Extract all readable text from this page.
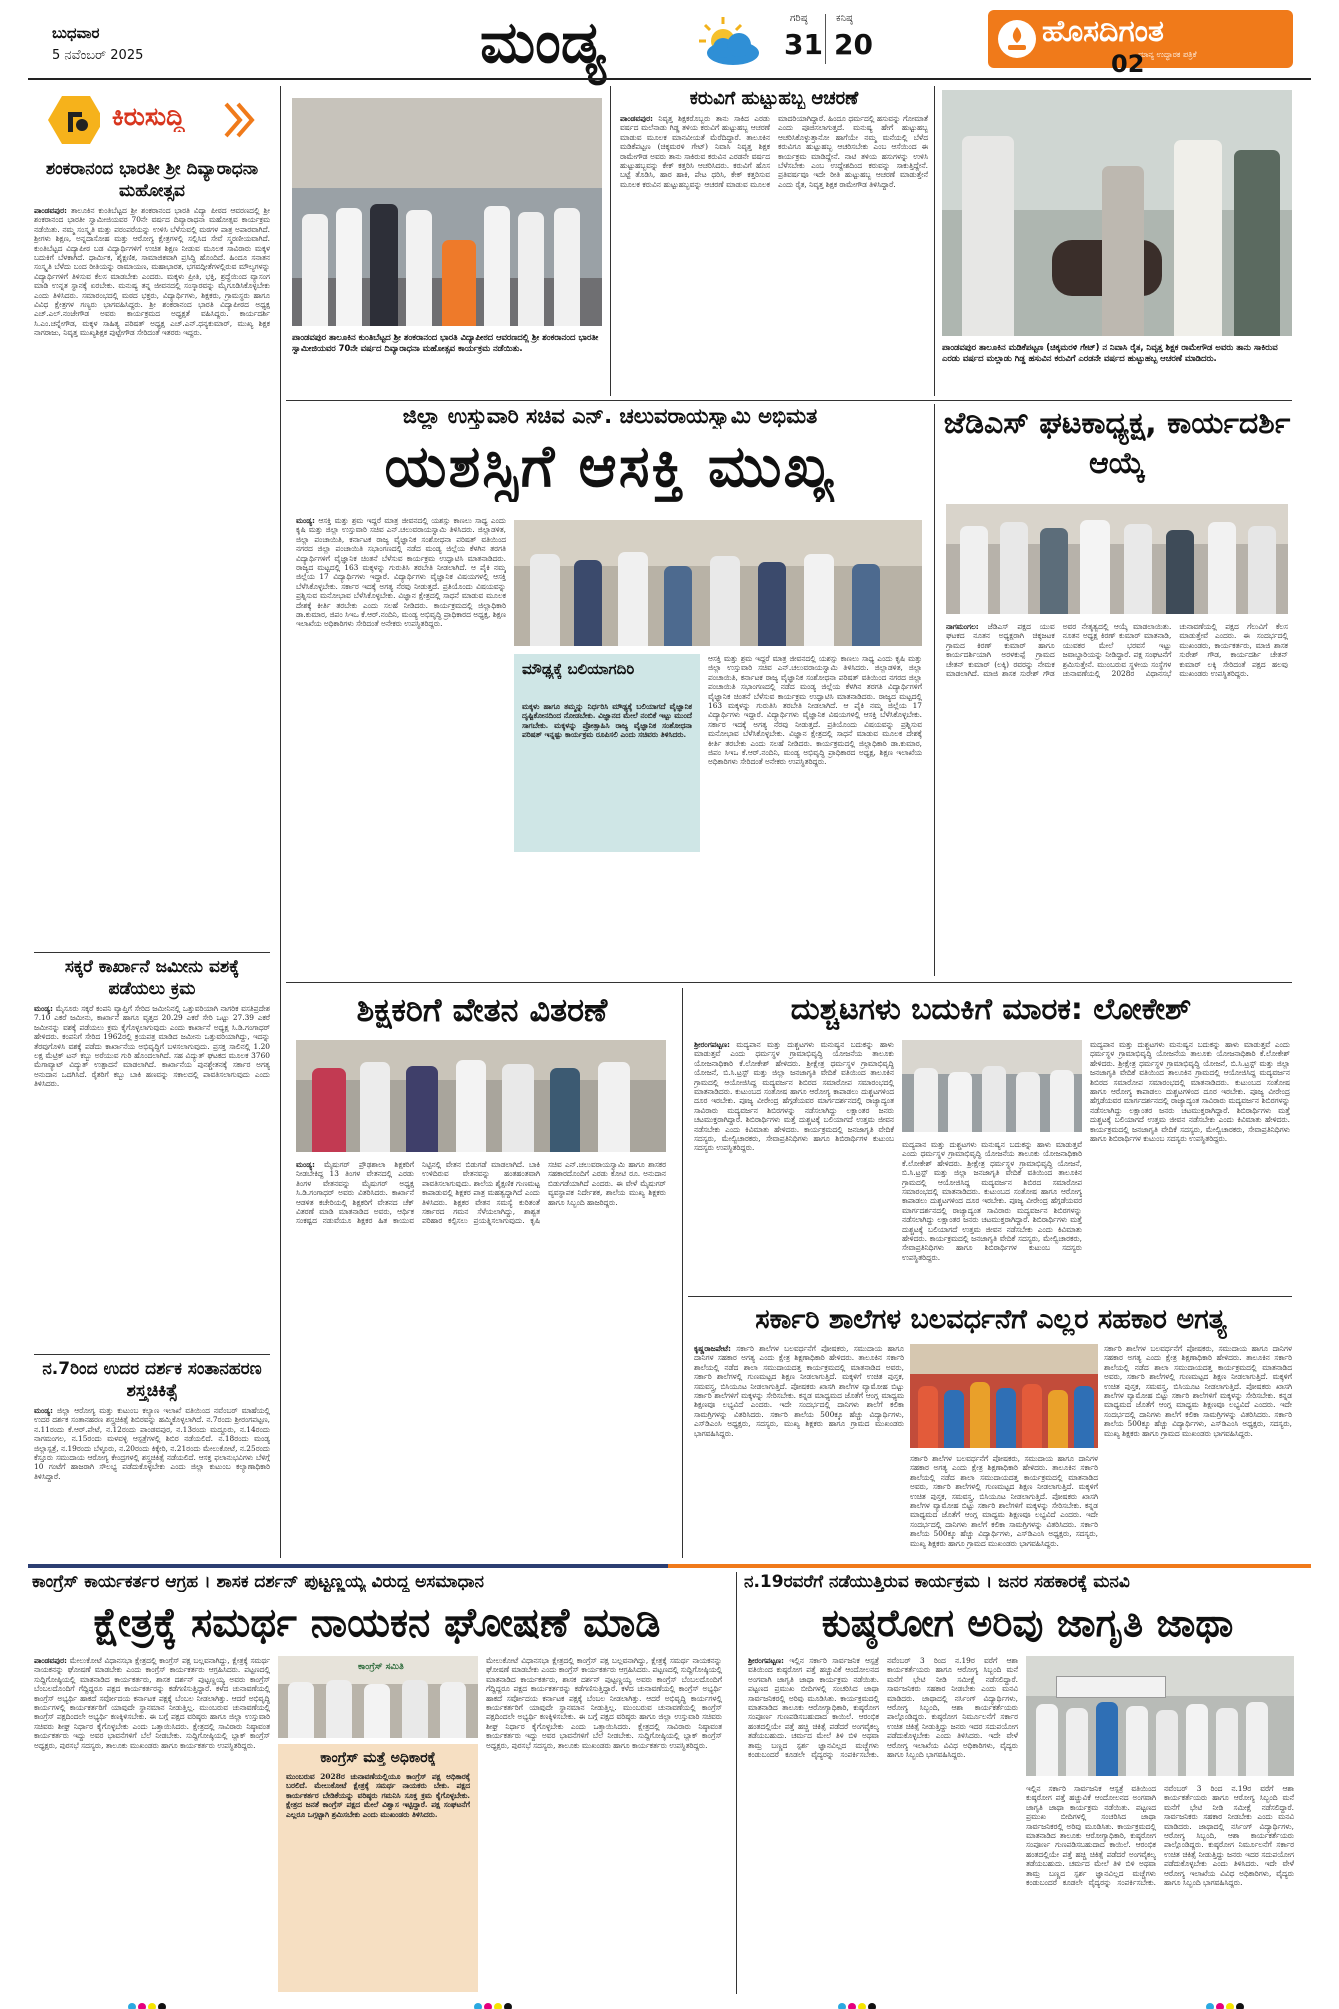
ಬುಧವಾರ
5 ನವೆಂಬರ್ 2025	ಮಂಡ್ಯ	ಗರಿಷ್ಠ
31
ಕನಿಷ್ಠ
20	ಹೊಸದಿಗಂತ
ಮಾನ್ಯ ಉದ್ಧಾರಕ ಪತ್ರಿಕೆ
02
ಕಿರುಸುದ್ದಿ
ಶಂಕರಾನಂದ ಭಾರತೀ ಶ್ರೀ ದಿವ್ಯಾರಾಧನಾ ಮಹೋತ್ಸವ
ಪಾಂಡವಪುರ: ತಾಲೂಕಿನ ಕುಂತಿಬೆಟ್ಟದ ಶ್ರೀ ಶಂಕರಾನಂದ ಭಾರತಿ ವಿದ್ಯಾ ಪೀಠದ ಆವರಣದಲ್ಲಿ ಶ್ರೀ ಶಂಕರಾನಂದ ಭಾರತೀ ಸ್ವಾಮೀಜಿಯವರ 70ನೇ ವರ್ಷದ ದಿವ್ಯಾರಾಧನಾ ಮಹೋತ್ಸವ ಕಾರ್ಯಕ್ರಮ ನಡೆಯಿತು. ನಮ್ಮ ಸಂಸ್ಕೃತಿ ಮತ್ತು ಪರಂಪರೆಯನ್ನು ಉಳಿಸಿ ಬೆಳೆಸುವಲ್ಲಿ ಮಠಗಳ ಪಾತ್ರ ಅಪಾರವಾಗಿದೆ. ಶ್ರೀಗಳು ಶಿಕ್ಷಣ, ಅನ್ನದಾಸೋಹ ಮತ್ತು ಆರೋಗ್ಯ ಕ್ಷೇತ್ರಗಳಲ್ಲಿ ಸಲ್ಲಿಸಿದ ಸೇವೆ ಸ್ಮರಣೀಯವಾಗಿದೆ. ಕುಂತಿಬೆಟ್ಟದ ವಿದ್ಯಾಪೀಠ ಬಡ ವಿದ್ಯಾರ್ಥಿಗಳಿಗೆ ಉಚಿತ ಶಿಕ್ಷಣ ನೀಡುವ ಮೂಲಕ ಸಾವಿರಾರು ಮಕ್ಕಳ ಬದುಕಿಗೆ ಬೆಳಕಾಗಿದೆ. ಧಾರ್ಮಿಕ, ಶೈಕ್ಷಣಿಕ, ಸಾಮಾಜಿಕವಾಗಿ ಪ್ರಸಿದ್ಧಿ ಹೊಂದಿದೆ. ಹಿಂದೂ ಸನಾತನ ಸಂಸ್ಕೃತಿ ಬೆಳೆದು ಬಂದ ರೀತಿಯನ್ನು ರಾಮಾಯಣ, ಮಹಾಭಾರತ, ಭಗವದ್ಗೀತೆಗಳಲ್ಲಿರುವ ಮೌಲ್ಯಗಳನ್ನು ವಿದ್ಯಾರ್ಥಿಗಳಿಗೆ ತಿಳಿಸುವ ಕೆಲಸ ಮಾಡಬೇಕು ಎಂದರು. ಮಕ್ಕಳು ಪ್ರೀತಿ, ಭಕ್ತಿ, ಶ್ರದ್ಧೆಯಿಂದ ವ್ಯಾಸಂಗ ಮಾಡಿ ಉನ್ನತ ಸ್ಥಾನಕ್ಕೆ ಏರಬೇಕು. ಮನುಷ್ಯ ತನ್ನ ಜೀವನದಲ್ಲಿ ಸಂಸ್ಕಾರವನ್ನು ಮೈಗೂಡಿಸಿಕೊಳ್ಳಬೇಕು ಎಂದು ತಿಳಿಸಿದರು. ಸಮಾರಂಭದಲ್ಲಿ ಮಠದ ಭಕ್ತರು, ವಿದ್ಯಾರ್ಥಿಗಳು, ಶಿಕ್ಷಕರು, ಗ್ರಾಮಸ್ಥರು ಹಾಗೂ ವಿವಿಧ ಕ್ಷೇತ್ರಗಳ ಗಣ್ಯರು ಭಾಗವಹಿಸಿದ್ದರು. ಶ್ರೀ ಶಂಕರಾನಂದ ಭಾರತಿ ವಿದ್ಯಾಪೀಠದ ಅಧ್ಯಕ್ಷ ಎಚ್.ಎಲ್.ನಂಜೇಗೌಡ ಅವರು ಕಾರ್ಯಕ್ರಮದ ಅಧ್ಯಕ್ಷತೆ ವಹಿಸಿದ್ದರು. ಕಾರ್ಯದರ್ಶಿ ಸಿ.ಎಂ.ಚನ್ನೇಗೌಡ, ಮಕ್ಕಳ ಸಾಹಿತ್ಯ ಪರಿಷತ್ ಅಧ್ಯಕ್ಷ ಎಚ್.ಎನ್.ಧನ್ಯಕುಮಾರ್, ಮುಖ್ಯ ಶಿಕ್ಷಕ ನಾಗರಾಜು, ನಿವೃತ್ತ ಮುಖ್ಯಶಿಕ್ಷಕ ಪುಟ್ಟೇಗೌಡ ಸೇರಿದಂತೆ ಇತರರು ಇದ್ದರು.
ಸಕ್ಕರೆ ಕಾರ್ಖಾನೆ ಜಮೀನು ವಶಕ್ಕೆ ಪಡೆಯಲು ಕ್ರಮ
ಮಂಡ್ಯ: ಮೈಸೂರು ಸಕ್ಕರೆ ಕಂಪನಿ ವ್ಯಾಪ್ತಿಗೆ ಸೇರಿದ ಜಮೀನಿನಲ್ಲಿ ಒತ್ತುವರಿಯಾಗಿ ನಾಗರಿಕ ವಸತಿಪ್ರದೇಶ 7.10 ಎಕರೆ ಜಮೀನು, ಕಾರ್ಖಾನೆ ಹಾಗೂ ವೃತ್ತದ 20.29 ಎಕರೆ ಸೇರಿ ಒಟ್ಟು 27.39 ಎಕರೆ ಜಮೀನನ್ನು ವಶಕ್ಕೆ ಪಡೆಯಲು ಕ್ರಮ ಕೈಗೊಳ್ಳಲಾಗುವುದು ಎಂದು ಕಾರ್ಖಾನೆ ಅಧ್ಯಕ್ಷ ಸಿ.ಡಿ.ಗಂಗಾಧರ್ ಹೇಳಿದರು. ಕಂಪನಿಗೆ ಸೇರಿದ 1962ರಲ್ಲಿ ಕ್ರಯಪತ್ರ ಮಾಡಿದ ಜಮೀನು ಒತ್ತುವರಿಯಾಗಿದ್ದು, ಇದನ್ನು ತೆರವುಗೊಳಿಸಿ ವಶಕ್ಕೆ ಪಡೆದು ಕಾರ್ಖಾನೆಯ ಅಭಿವೃದ್ಧಿಗೆ ಬಳಸಲಾಗುವುದು. ಪ್ರಸಕ್ತ ಸಾಲಿನಲ್ಲಿ 1.20 ಲಕ್ಷ ಮೆಟ್ರಿಕ್ ಟನ್ ಕಬ್ಬು ಅರೆಯುವ ಗುರಿ ಹೊಂದಲಾಗಿದೆ. ಸಹ ವಿದ್ಯುತ್ ಘಟಕದ ಮೂಲಕ 3760 ಮೆಗಾವ್ಯಾಟ್ ವಿದ್ಯುತ್ ಉತ್ಪಾದನೆ ಮಾಡಲಾಗಿದೆ. ಕಾರ್ಖಾನೆಯ ಪುನಶ್ಚೇತನಕ್ಕೆ ಸರ್ಕಾರ ಅಗತ್ಯ ಅನುದಾನ ಒದಗಿಸಿದೆ. ರೈತರಿಗೆ ಕಬ್ಬು ಬಾಕಿ ಹಣವನ್ನು ಸಕಾಲದಲ್ಲಿ ಪಾವತಿಸಲಾಗುವುದು ಎಂದು ತಿಳಿಸಿದರು.
ನ.7ರಿಂದ ಉದರ ದರ್ಶಕ ಸಂತಾನಹರಣ ಶಸ್ತ್ರಚಿಕಿತ್ಸೆ
ಮಂಡ್ಯ: ಜಿಲ್ಲಾ ಆರೋಗ್ಯ ಮತ್ತು ಕುಟುಂಬ ಕಲ್ಯಾಣ ಇಲಾಖೆ ವತಿಯಿಂದ ನವೆಂಬರ್ ಮಾಹೆಯಲ್ಲಿ ಉದರ ದರ್ಶಕ ಸಂತಾನಹರಣ ಶಸ್ತ್ರಚಿಕಿತ್ಸೆ ಶಿಬಿರವನ್ನು ಹಮ್ಮಿಕೊಳ್ಳಲಾಗಿದೆ. ನ.7ರಂದು ಶ್ರೀರಂಗಪಟ್ಟಣ, ನ.11ರಂದು ಕೆ.ಆರ್.ಪೇಟೆ, ನ.12ರಂದು ಪಾಂಡವಪುರ, ನ.13ರಂದು ಮದ್ದೂರು, ನ.14ರಂದು ನಾಗಮಂಗಲ, ನ.15ರಂದು ಮಳವಳ್ಳಿ ಆಸ್ಪತ್ರೆಗಳಲ್ಲಿ ಶಿಬಿರ ನಡೆಯಲಿದೆ. ನ.18ರಂದು ಮಂಡ್ಯ ಜಿಲ್ಲಾಸ್ಪತ್ರೆ, ನ.19ರಂದು ಬೆಳ್ಳೂರು, ನ.20ರಂದು ಕಿಕ್ಕೇರಿ, ನ.21ರಂದು ಮೇಲುಕೋಟೆ, ನ.25ರಂದು ಕೆಸ್ತೂರು ಸಮುದಾಯ ಆರೋಗ್ಯ ಕೇಂದ್ರಗಳಲ್ಲಿ ಶಸ್ತ್ರಚಿಕಿತ್ಸೆ ನಡೆಯಲಿದೆ. ಆಸಕ್ತ ಫಲಾನುಭವಿಗಳು ಬೆಳಿಗ್ಗೆ 10 ಗಂಟೆಗೆ ಹಾಜರಾಗಿ ಸೌಲಭ್ಯ ಪಡೆದುಕೊಳ್ಳಬೇಕು ಎಂದು ಜಿಲ್ಲಾ ಕುಟುಂಬ ಕಲ್ಯಾಣಾಧಿಕಾರಿ ತಿಳಿಸಿದ್ದಾರೆ.
ಪಾಂಡವಪುರ ತಾಲೂಕಿನ ಕುಂತಿಬೆಟ್ಟದ ಶ್ರೀ ಶಂಕರಾನಂದ ಭಾರತಿ ವಿದ್ಯಾಪೀಠದ ಆವರಣದಲ್ಲಿ ಶ್ರೀ ಶಂಕರಾನಂದ ಭಾರತೀ ಸ್ವಾಮೀಜಿಯವರ 70ನೇ ವರ್ಷದ ದಿವ್ಯಾರಾಧನಾ ಮಹೋತ್ಸವ ಕಾರ್ಯಕ್ರಮ ನಡೆಯಿತು.
ಕರುವಿಗೆ ಹುಟ್ಟುಹಬ್ಬ ಆಚರಣೆ
ಪಾಂಡವಪುರ: ನಿವೃತ್ತ ಶಿಕ್ಷಕರೊಬ್ಬರು ತಾನು ಸಾಕಿದ ಎರಡು ವರ್ಷದ ಮಲೆನಾಡು ಗಿಡ್ಡ ತಳಿಯ ಕರುವಿಗೆ ಹುಟ್ಟುಹಬ್ಬ ಆಚರಣೆ ಮಾಡುವ ಮೂಲಕ ಮಾನವೀಯತೆ ಮೆರೆದಿದ್ದಾರೆ. ತಾಲೂಕಿನ ಮಡಿಕೆಪಟ್ಟಣ (ಚಿಕ್ಕಮರಳಿ ಗೇಟ್) ನಿವಾಸಿ ನಿವೃತ್ತ ಶಿಕ್ಷಕ ರಾಮೇಗೌಡ ಅವರು ತಾನು ಸಾಕಿರುವ ಕರುವಿನ ಎರಡನೇ ವರ್ಷದ ಹುಟ್ಟುಹಬ್ಬವನ್ನು ಕೇಕ್ ಕತ್ತರಿಸಿ ಆಚರಿಸಿದರು. ಕರುವಿಗೆ ಹೊಸ ಬಟ್ಟೆ ತೊಡಿಸಿ, ಹಾರ ಹಾಕಿ, ಪೇಟ ಧರಿಸಿ, ಕೇಕ್ ಕತ್ತರಿಸುವ ಮೂಲಕ ಕರುವಿನ ಹುಟ್ಟುಹಬ್ಬವನ್ನು ಆಚರಣೆ ಮಾಡುವ ಮೂಲಕ ಮಾದರಿಯಾಗಿದ್ದಾರೆ. ಹಿಂದೂ ಧರ್ಮದಲ್ಲಿ ಹಸುವನ್ನು ಗೋಮಾತೆ ಎಂದು ಪೂಜಿಸಲಾಗುತ್ತದೆ. ಮನುಷ್ಯ ಹೇಗೆ ಹುಟ್ಟುಹಬ್ಬ ಆಚರಿಸಿಕೊಳ್ಳುತ್ತಾನೋ ಹಾಗೆಯೇ ನಮ್ಮ ಮನೆಯಲ್ಲಿ ಬೆಳೆದ ಕರುವಿಗೂ ಹುಟ್ಟುಹಬ್ಬ ಆಚರಿಸಬೇಕು ಎಂಬ ಆಸೆಯಿಂದ ಈ ಕಾರ್ಯಕ್ರಮ ಮಾಡಿದ್ದೇನೆ. ನಾಟಿ ತಳಿಯ ಹಸುಗಳನ್ನು ಉಳಿಸಿ ಬೆಳೆಸಬೇಕು ಎಂಬ ಉದ್ದೇಶದಿಂದ ಕರುವನ್ನು ಸಾಕುತ್ತಿದ್ದೇನೆ. ಪ್ರತಿವರ್ಷವೂ ಇದೇ ರೀತಿ ಹುಟ್ಟುಹಬ್ಬ ಆಚರಣೆ ಮಾಡುತ್ತೇನೆ ಎಂದು ರೈತ, ನಿವೃತ್ತ ಶಿಕ್ಷಕ ರಾಮೇಗೌಡ ತಿಳಿಸಿದ್ದಾರೆ.
ಪಾಂಡವಪುರ ತಾಲೂಕಿನ ಮಡಿಕೆಪಟ್ಟಣ (ಚಿಕ್ಕಮರಳಿ ಗೇಟ್) ನ ನಿವಾಸಿ ರೈತ, ನಿವೃತ್ತ ಶಿಕ್ಷಕ ರಾಮೇಗೌಡ ಅವರು ತಾನು ಸಾಕಿರುವ ಎರಡು ವರ್ಷದ ಮಲ್ಲಾಡು ಗಿಡ್ಡ ಹಸುವಿನ ಕರುವಿಗೆ ಎರಡನೇ ವರ್ಷದ ಹುಟ್ಟುಹಬ್ಬ ಆಚರಣೆ ಮಾಡಿದರು.
ಜಿಲ್ಲಾ ಉಸ್ತುವಾರಿ ಸಚಿವ ಎನ್. ಚಲುವರಾಯಸ್ವಾಮಿ ಅಭಿಮತ
ಯಶಸ್ಸಿಗೆ ಆಸಕ್ತಿ ಮುಖ್ಯ
ಮಂಡ್ಯ: ಆಸಕ್ತಿ ಮತ್ತು ಶ್ರಮ ಇದ್ದರೆ ಮಾತ್ರ ಜೀವನದಲ್ಲಿ ಯಶಸ್ಸು ಕಾಣಲು ಸಾಧ್ಯ ಎಂದು ಕೃಷಿ ಮತ್ತು ಜಿಲ್ಲಾ ಉಸ್ತುವಾರಿ ಸಚಿವ ಎನ್.ಚಲುವರಾಯಸ್ವಾಮಿ ತಿಳಿಸಿದರು. ಜಿಲ್ಲಾಡಳಿತ, ಜಿಲ್ಲಾ ಪಂಚಾಯಿತಿ, ಕರ್ನಾಟಕ ರಾಜ್ಯ ವೈಜ್ಞಾನಿಕ ಸಂಶೋಧನಾ ಪರಿಷತ್ ವತಿಯಿಂದ ನಗರದ ಜಿಲ್ಲಾ ಪಂಚಾಯಿತಿ ಸಭಾಂಗಣದಲ್ಲಿ ನಡೆದ ಮಂಡ್ಯ ಜಿಲ್ಲೆಯ ಕೆಳಗಿನ ತರಗತಿ ವಿದ್ಯಾರ್ಥಿಗಳಿಗೆ ವೈಜ್ಞಾನಿಕ ಚಿಂತನೆ ಬೆಳೆಸುವ ಕಾರ್ಯಕ್ರಮ ಉದ್ಘಾಟಿಸಿ ಮಾತನಾಡಿದರು. ರಾಜ್ಯದ ಮಟ್ಟದಲ್ಲಿ 163 ಮಕ್ಕಳನ್ನು ಗುರುತಿಸಿ ತರಬೇತಿ ನೀಡಲಾಗಿದೆ. ಆ ಪೈಕಿ ನಮ್ಮ ಜಿಲ್ಲೆಯ 17 ವಿದ್ಯಾರ್ಥಿಗಳು ಇದ್ದಾರೆ. ವಿದ್ಯಾರ್ಥಿಗಳು ವೈಜ್ಞಾನಿಕ ವಿಷಯಗಳಲ್ಲಿ ಆಸಕ್ತಿ ಬೆಳೆಸಿಕೊಳ್ಳಬೇಕು. ಸರ್ಕಾರ ಇದಕ್ಕೆ ಅಗತ್ಯ ನೆರವು ನೀಡುತ್ತದೆ. ಪ್ರತಿಯೊಂದು ವಿಷಯವನ್ನು ಪ್ರಶ್ನಿಸುವ ಮನೋಭಾವ ಬೆಳೆಸಿಕೊಳ್ಳಬೇಕು. ವಿಜ್ಞಾನ ಕ್ಷೇತ್ರದಲ್ಲಿ ಸಾಧನೆ ಮಾಡುವ ಮೂಲಕ ದೇಶಕ್ಕೆ ಕೀರ್ತಿ ತರಬೇಕು ಎಂದು ಸಲಹೆ ನೀಡಿದರು. ಕಾರ್ಯಕ್ರಮದಲ್ಲಿ ಜಿಲ್ಲಾಧಿಕಾರಿ ಡಾ.ಕುಮಾರ, ಜಿಪಂ ಸಿಇಒ ಕೆ.ಆರ್.ನಂದಿನಿ, ಮಂಡ್ಯ ಅಭಿವೃದ್ಧಿ ಪ್ರಾಧಿಕಾರದ ಅಧ್ಯಕ್ಷ, ಶಿಕ್ಷಣ ಇಲಾಖೆಯ ಅಧಿಕಾರಿಗಳು ಸೇರಿದಂತೆ ಅನೇಕರು ಉಪಸ್ಥಿತರಿದ್ದರು.
ಮೌಢ್ಯಕ್ಕೆ ಬಲಿಯಾಗದಿರಿ
ಮಕ್ಕಳು ಹಾಗೂ ತಮ್ಮನ್ನು ನಿರ್ಧರಿಸಿ ಮೌಢ್ಯಕ್ಕೆ ಬಲಿಯಾಗದೆ ವೈಜ್ಞಾನಿಕ ದೃಷ್ಟಿಕೋನದಿಂದ ನೋಡಬೇಕು. ವಿಜ್ಞಾನದ ಮೇಲೆ ನಂಬಿಕೆ ಇಟ್ಟು ಮುಂದೆ ಸಾಗಬೇಕು. ಮಕ್ಕಳನ್ನು ಪ್ರೋತ್ಸಾಹಿಸಿ ರಾಜ್ಯ ವೈಜ್ಞಾನಿಕ ಸಂಶೋಧನಾ ಪರಿಷತ್ ಇನ್ನಷ್ಟು ಕಾರ್ಯಕ್ರಮ ರೂಪಿಸಲಿ ಎಂದು ಸಚಿವರು ತಿಳಿಸಿದರು.
ಆಸಕ್ತಿ ಮತ್ತು ಶ್ರಮ ಇದ್ದರೆ ಮಾತ್ರ ಜೀವನದಲ್ಲಿ ಯಶಸ್ಸು ಕಾಣಲು ಸಾಧ್ಯ ಎಂದು ಕೃಷಿ ಮತ್ತು ಜಿಲ್ಲಾ ಉಸ್ತುವಾರಿ ಸಚಿವ ಎನ್.ಚಲುವರಾಯಸ್ವಾಮಿ ತಿಳಿಸಿದರು. ಜಿಲ್ಲಾಡಳಿತ, ಜಿಲ್ಲಾ ಪಂಚಾಯಿತಿ, ಕರ್ನಾಟಕ ರಾಜ್ಯ ವೈಜ್ಞಾನಿಕ ಸಂಶೋಧನಾ ಪರಿಷತ್ ವತಿಯಿಂದ ನಗರದ ಜಿಲ್ಲಾ ಪಂಚಾಯಿತಿ ಸಭಾಂಗಣದಲ್ಲಿ ನಡೆದ ಮಂಡ್ಯ ಜಿಲ್ಲೆಯ ಕೆಳಗಿನ ತರಗತಿ ವಿದ್ಯಾರ್ಥಿಗಳಿಗೆ ವೈಜ್ಞಾನಿಕ ಚಿಂತನೆ ಬೆಳೆಸುವ ಕಾರ್ಯಕ್ರಮ ಉದ್ಘಾಟಿಸಿ ಮಾತನಾಡಿದರು. ರಾಜ್ಯದ ಮಟ್ಟದಲ್ಲಿ 163 ಮಕ್ಕಳನ್ನು ಗುರುತಿಸಿ ತರಬೇತಿ ನೀಡಲಾಗಿದೆ. ಆ ಪೈಕಿ ನಮ್ಮ ಜಿಲ್ಲೆಯ 17 ವಿದ್ಯಾರ್ಥಿಗಳು ಇದ್ದಾರೆ. ವಿದ್ಯಾರ್ಥಿಗಳು ವೈಜ್ಞಾನಿಕ ವಿಷಯಗಳಲ್ಲಿ ಆಸಕ್ತಿ ಬೆಳೆಸಿಕೊಳ್ಳಬೇಕು. ಸರ್ಕಾರ ಇದಕ್ಕೆ ಅಗತ್ಯ ನೆರವು ನೀಡುತ್ತದೆ. ಪ್ರತಿಯೊಂದು ವಿಷಯವನ್ನು ಪ್ರಶ್ನಿಸುವ ಮನೋಭಾವ ಬೆಳೆಸಿಕೊಳ್ಳಬೇಕು. ವಿಜ್ಞಾನ ಕ್ಷೇತ್ರದಲ್ಲಿ ಸಾಧನೆ ಮಾಡುವ ಮೂಲಕ ದೇಶಕ್ಕೆ ಕೀರ್ತಿ ತರಬೇಕು ಎಂದು ಸಲಹೆ ನೀಡಿದರು. ಕಾರ್ಯಕ್ರಮದಲ್ಲಿ ಜಿಲ್ಲಾಧಿಕಾರಿ ಡಾ.ಕುಮಾರ, ಜಿಪಂ ಸಿಇಒ ಕೆ.ಆರ್.ನಂದಿನಿ, ಮಂಡ್ಯ ಅಭಿವೃದ್ಧಿ ಪ್ರಾಧಿಕಾರದ ಅಧ್ಯಕ್ಷ, ಶಿಕ್ಷಣ ಇಲಾಖೆಯ ಅಧಿಕಾರಿಗಳು ಸೇರಿದಂತೆ ಅನೇಕರು ಉಪಸ್ಥಿತರಿದ್ದರು.
ಜೆಡಿಎಸ್ ಘಟಕಾಧ್ಯಕ್ಷ, ಕಾರ್ಯದರ್ಶಿ ಆಯ್ಕೆ
ನಾಗಮಂಗಲ: ಜೆಡಿಎಸ್ ಪಕ್ಷದ ಯುವ ಘಟಕದ ನೂತನ ಅಧ್ಯಕ್ಷರಾಗಿ ಚಿಕ್ಕಜಟಕ ಗ್ರಾಮದ ಕಿರಣ್ ಕುಮಾರ್ ಹಾಗೂ ಕಾರ್ಯದರ್ಶಿಯಾಗಿ ಅರಳಕುಪ್ಪೆ ಗ್ರಾಮದ ಚೇತನ್ ಕುಮಾರ್ (ಲಕ್ಕಿ) ರವರನ್ನು ನೇಮಕ ಮಾಡಲಾಗಿದೆ. ಮಾಜಿ ಶಾಸಕ ಸುರೇಶ್ ಗೌಡ ಅವರ ನೇತೃತ್ವದಲ್ಲಿ ಆಯ್ಕೆ ಮಾಡಲಾಯಿತು. ನೂತನ ಅಧ್ಯಕ್ಷ ಕಿರಣ್ ಕುಮಾರ್ ಮಾತನಾಡಿ, ಯುವಕರ ಮೇಲೆ ಭರವಸೆ ಇಟ್ಟು ಜವಾಬ್ದಾರಿಯನ್ನು ನೀಡಿದ್ದಾರೆ. ಪಕ್ಷ ಸಂಘಟನೆಗೆ ಶ್ರಮಿಸುತ್ತೇನೆ. ಮುಂಬರುವ ಸ್ಥಳೀಯ ಸಂಸ್ಥೆಗಳ ಚುನಾವಣೆಯಲ್ಲಿ 2028ರ ವಿಧಾನಸಭೆ ಚುನಾವಣೆಯಲ್ಲಿ ಪಕ್ಷದ ಗೆಲುವಿಗೆ ಕೆಲಸ ಮಾಡುತ್ತೇವೆ ಎಂದರು. ಈ ಸಂದರ್ಭದಲ್ಲಿ ಮುಖಂಡರು, ಕಾರ್ಯಕರ್ತರು, ಮಾಜಿ ಶಾಸಕ ಸುರೇಶ್ ಗೌಡ, ಕಾರ್ಯದರ್ಶಿ ಚೇತನ್ ಕುಮಾರ್ ಲಕ್ಕಿ ಸೇರಿದಂತೆ ಪಕ್ಷದ ಹಲವು ಮುಖಂಡರು ಉಪಸ್ಥಿತರಿದ್ದರು.
ಶಿಕ್ಷಕರಿಗೆ ವೇತನ ವಿತರಣೆ
ಮಂಡ್ಯ: ಮೈಷುಗರ್ ಪ್ರೌಢಶಾಲಾ ಶಿಕ್ಷಕರಿಗೆ ನೀಡಬೇಕಿದ್ದ 13 ತಿಂಗಳ ವೇತನದಲ್ಲಿ ಎರಡು ತಿಂಗಳ ವೇತನವನ್ನು ಮೈಷುಗರ್ ಅಧ್ಯಕ್ಷ ಸಿ.ಡಿ.ಗಂಗಾಧರ್ ಅವರು ವಿತರಿಸಿದರು. ಕಾರ್ಖಾನೆ ಆಡಳಿತ ಕಚೇರಿಯಲ್ಲಿ ಶಿಕ್ಷಕರಿಗೆ ವೇತನದ ಚೆಕ್ ವಿತರಣೆ ಮಾಡಿ ಮಾತನಾಡಿದ ಅವರು, ಆರ್ಥಿಕ ಸಂಕಷ್ಟದ ನಡುವೆಯೂ ಶಿಕ್ಷಕರ ಹಿತ ಕಾಯುವ ನಿಟ್ಟಿನಲ್ಲಿ ವೇತನ ಬಿಡುಗಡೆ ಮಾಡಲಾಗಿದೆ. ಬಾಕಿ ಉಳಿದಿರುವ ವೇತನವನ್ನು ಹಂತಹಂತವಾಗಿ ಪಾವತಿಸಲಾಗುವುದು. ಶಾಲೆಯ ಶೈಕ್ಷಣಿಕ ಗುಣಮಟ್ಟ ಕಾಪಾಡುವಲ್ಲಿ ಶಿಕ್ಷಕರ ಪಾತ್ರ ಮಹತ್ವದ್ದಾಗಿದೆ ಎಂದು ತಿಳಿಸಿದರು. ಶಿಕ್ಷಕರ ವೇತನ ಸಮಸ್ಯೆ ಕುರಿತಂತೆ ಸರ್ಕಾರದ ಗಮನ ಸೆಳೆಯಲಾಗಿದ್ದು, ಶಾಶ್ವತ ಪರಿಹಾರ ಕಲ್ಪಿಸಲು ಪ್ರಯತ್ನಿಸಲಾಗುವುದು. ಕೃಷಿ ಸಚಿವ ಎನ್.ಚಲುವರಾಯಸ್ವಾಮಿ ಹಾಗೂ ಶಾಸಕರ ಸಹಕಾರದೊಂದಿಗೆ ಎರಡು ಕೋಟಿ ರೂ. ಅನುದಾನ ಬಿಡುಗಡೆಯಾಗಿದೆ ಎಂದರು. ಈ ವೇಳೆ ಮೈಷುಗರ್ ವ್ಯವಸ್ಥಾಪಕ ನಿರ್ದೇಶಕ, ಶಾಲೆಯ ಮುಖ್ಯ ಶಿಕ್ಷಕರು ಹಾಗೂ ಸಿಬ್ಬಂದಿ ಹಾಜರಿದ್ದರು.
ದುಶ್ಚಟಗಳು ಬದುಕಿಗೆ ಮಾರಕ: ಲೋಕೇಶ್
ಶ್ರೀರಂಗಪಟ್ಟಣ: ಮದ್ಯಪಾನ ಮತ್ತು ದುಶ್ಚಟಗಳು ಮನುಷ್ಯನ ಬದುಕನ್ನು ಹಾಳು ಮಾಡುತ್ತವೆ ಎಂದು ಧರ್ಮಸ್ಥಳ ಗ್ರಾಮಾಭಿವೃದ್ಧಿ ಯೋಜನೆಯ ತಾಲೂಕು ಯೋಜನಾಧಿಕಾರಿ ಕೆ.ಲೋಕೇಶ್ ಹೇಳಿದರು. ಶ್ರೀಕ್ಷೇತ್ರ ಧರ್ಮಸ್ಥಳ ಗ್ರಾಮಾಭಿವೃದ್ಧಿ ಯೋಜನೆ, ಬಿ.ಸಿ.ಟ್ರಸ್ಟ್ ಮತ್ತು ಜಿಲ್ಲಾ ಜನಜಾಗೃತಿ ವೇದಿಕೆ ವತಿಯಿಂದ ತಾಲೂಕಿನ ಗ್ರಾಮದಲ್ಲಿ ಆಯೋಜಿಸಿದ್ದ ಮದ್ಯವರ್ಜನ ಶಿಬಿರದ ಸಮಾರೋಪ ಸಮಾರಂಭದಲ್ಲಿ ಮಾತನಾಡಿದರು. ಕುಟುಂಬದ ಸಂತೋಷ ಹಾಗೂ ಆರೋಗ್ಯ ಕಾಪಾಡಲು ದುಶ್ಚಟಗಳಿಂದ ದೂರ ಇರಬೇಕು. ಪೂಜ್ಯ ವೀರೇಂದ್ರ ಹೆಗ್ಗಡೆಯವರ ಮಾರ್ಗದರ್ಶನದಲ್ಲಿ ರಾಜ್ಯಾದ್ಯಂತ ಸಾವಿರಾರು ಮದ್ಯವರ್ಜನ ಶಿಬಿರಗಳನ್ನು ನಡೆಸಲಾಗಿದ್ದು ಲಕ್ಷಾಂತರ ಜನರು ಚಟಮುಕ್ತರಾಗಿದ್ದಾರೆ. ಶಿಬಿರಾರ್ಥಿಗಳು ಮತ್ತೆ ದುಶ್ಚಟಕ್ಕೆ ಬಲಿಯಾಗದೆ ಉತ್ತಮ ಜೀವನ ನಡೆಸಬೇಕು ಎಂದು ಕಿವಿಮಾತು ಹೇಳಿದರು. ಕಾರ್ಯಕ್ರಮದಲ್ಲಿ ಜನಜಾಗೃತಿ ವೇದಿಕೆ ಸದಸ್ಯರು, ಮೇಲ್ವಿಚಾರಕರು, ಸೇವಾಪ್ರತಿನಿಧಿಗಳು ಹಾಗೂ ಶಿಬಿರಾರ್ಥಿಗಳ ಕುಟುಂಬ ಸದಸ್ಯರು ಉಪಸ್ಥಿತರಿದ್ದರು.	ಮದ್ಯಪಾನ ಮತ್ತು ದುಶ್ಚಟಗಳು ಮನುಷ್ಯನ ಬದುಕನ್ನು ಹಾಳು ಮಾಡುತ್ತವೆ ಎಂದು ಧರ್ಮಸ್ಥಳ ಗ್ರಾಮಾಭಿವೃದ್ಧಿ ಯೋಜನೆಯ ತಾಲೂಕು ಯೋಜನಾಧಿಕಾರಿ ಕೆ.ಲೋಕೇಶ್ ಹೇಳಿದರು. ಶ್ರೀಕ್ಷೇತ್ರ ಧರ್ಮಸ್ಥಳ ಗ್ರಾಮಾಭಿವೃದ್ಧಿ ಯೋಜನೆ, ಬಿ.ಸಿ.ಟ್ರಸ್ಟ್ ಮತ್ತು ಜಿಲ್ಲಾ ಜನಜಾಗೃತಿ ವೇದಿಕೆ ವತಿಯಿಂದ ತಾಲೂಕಿನ ಗ್ರಾಮದಲ್ಲಿ ಆಯೋಜಿಸಿದ್ದ ಮದ್ಯವರ್ಜನ ಶಿಬಿರದ ಸಮಾರೋಪ ಸಮಾರಂಭದಲ್ಲಿ ಮಾತನಾಡಿದರು. ಕುಟುಂಬದ ಸಂತೋಷ ಹಾಗೂ ಆರೋಗ್ಯ ಕಾಪಾಡಲು ದುಶ್ಚಟಗಳಿಂದ ದೂರ ಇರಬೇಕು. ಪೂಜ್ಯ ವೀರೇಂದ್ರ ಹೆಗ್ಗಡೆಯವರ ಮಾರ್ಗದರ್ಶನದಲ್ಲಿ ರಾಜ್ಯಾದ್ಯಂತ ಸಾವಿರಾರು ಮದ್ಯವರ್ಜನ ಶಿಬಿರಗಳನ್ನು ನಡೆಸಲಾಗಿದ್ದು ಲಕ್ಷಾಂತರ ಜನರು ಚಟಮುಕ್ತರಾಗಿದ್ದಾರೆ. ಶಿಬಿರಾರ್ಥಿಗಳು ಮತ್ತೆ ದುಶ್ಚಟಕ್ಕೆ ಬಲಿಯಾಗದೆ ಉತ್ತಮ ಜೀವನ ನಡೆಸಬೇಕು ಎಂದು ಕಿವಿಮಾತು ಹೇಳಿದರು. ಕಾರ್ಯಕ್ರಮದಲ್ಲಿ ಜನಜಾಗೃತಿ ವೇದಿಕೆ ಸದಸ್ಯರು, ಮೇಲ್ವಿಚಾರಕರು, ಸೇವಾಪ್ರತಿನಿಧಿಗಳು ಹಾಗೂ ಶಿಬಿರಾರ್ಥಿಗಳ ಕುಟುಂಬ ಸದಸ್ಯರು ಉಪಸ್ಥಿತರಿದ್ದರು.
ಮದ್ಯಪಾನ ಮತ್ತು ದುಶ್ಚಟಗಳು ಮನುಷ್ಯನ ಬದುಕನ್ನು ಹಾಳು ಮಾಡುತ್ತವೆ ಎಂದು ಧರ್ಮಸ್ಥಳ ಗ್ರಾಮಾಭಿವೃದ್ಧಿ ಯೋಜನೆಯ ತಾಲೂಕು ಯೋಜನಾಧಿಕಾರಿ ಕೆ.ಲೋಕೇಶ್ ಹೇಳಿದರು. ಶ್ರೀಕ್ಷೇತ್ರ ಧರ್ಮಸ್ಥಳ ಗ್ರಾಮಾಭಿವೃದ್ಧಿ ಯೋಜನೆ, ಬಿ.ಸಿ.ಟ್ರಸ್ಟ್ ಮತ್ತು ಜಿಲ್ಲಾ ಜನಜಾಗೃತಿ ವೇದಿಕೆ ವತಿಯಿಂದ ತಾಲೂಕಿನ ಗ್ರಾಮದಲ್ಲಿ ಆಯೋಜಿಸಿದ್ದ ಮದ್ಯವರ್ಜನ ಶಿಬಿರದ ಸಮಾರೋಪ ಸಮಾರಂಭದಲ್ಲಿ ಮಾತನಾಡಿದರು. ಕುಟುಂಬದ ಸಂತೋಷ ಹಾಗೂ ಆರೋಗ್ಯ ಕಾಪಾಡಲು ದುಶ್ಚಟಗಳಿಂದ ದೂರ ಇರಬೇಕು. ಪೂಜ್ಯ ವೀರೇಂದ್ರ ಹೆಗ್ಗಡೆಯವರ ಮಾರ್ಗದರ್ಶನದಲ್ಲಿ ರಾಜ್ಯಾದ್ಯಂತ ಸಾವಿರಾರು ಮದ್ಯವರ್ಜನ ಶಿಬಿರಗಳನ್ನು ನಡೆಸಲಾಗಿದ್ದು ಲಕ್ಷಾಂತರ ಜನರು ಚಟಮುಕ್ತರಾಗಿದ್ದಾರೆ. ಶಿಬಿರಾರ್ಥಿಗಳು ಮತ್ತೆ ದುಶ್ಚಟಕ್ಕೆ ಬಲಿಯಾಗದೆ ಉತ್ತಮ ಜೀವನ ನಡೆಸಬೇಕು ಎಂದು ಕಿವಿಮಾತು ಹೇಳಿದರು. ಕಾರ್ಯಕ್ರಮದಲ್ಲಿ ಜನಜಾಗೃತಿ ವೇದಿಕೆ ಸದಸ್ಯರು, ಮೇಲ್ವಿಚಾರಕರು, ಸೇವಾಪ್ರತಿನಿಧಿಗಳು ಹಾಗೂ ಶಿಬಿರಾರ್ಥಿಗಳ ಕುಟುಂಬ ಸದಸ್ಯರು ಉಪಸ್ಥಿತರಿದ್ದರು.
ಸರ್ಕಾರಿ ಶಾಲೆಗಳ ಬಲವರ್ಧನೆಗೆ ಎಲ್ಲರ ಸಹಕಾರ ಅಗತ್ಯ
ಕೃಷ್ಣರಾಜಪೇಟೆ: ಸರ್ಕಾರಿ ಶಾಲೆಗಳ ಬಲವರ್ಧನೆಗೆ ಪೋಷಕರು, ಸಮುದಾಯ ಹಾಗೂ ದಾನಿಗಳ ಸಹಕಾರ ಅಗತ್ಯ ಎಂದು ಕ್ಷೇತ್ರ ಶಿಕ್ಷಣಾಧಿಕಾರಿ ಹೇಳಿದರು. ತಾಲೂಕಿನ ಸರ್ಕಾರಿ ಶಾಲೆಯಲ್ಲಿ ನಡೆದ ಶಾಲಾ ಸಮುದಾಯದತ್ತ ಕಾರ್ಯಕ್ರಮದಲ್ಲಿ ಮಾತನಾಡಿದ ಅವರು, ಸರ್ಕಾರಿ ಶಾಲೆಗಳಲ್ಲಿ ಗುಣಮಟ್ಟದ ಶಿಕ್ಷಣ ನೀಡಲಾಗುತ್ತಿದೆ. ಮಕ್ಕಳಿಗೆ ಉಚಿತ ಪುಸ್ತಕ, ಸಮವಸ್ತ್ರ, ಬಿಸಿಯೂಟ ನೀಡಲಾಗುತ್ತಿದೆ. ಪೋಷಕರು ಖಾಸಗಿ ಶಾಲೆಗಳ ವ್ಯಾಮೋಹ ಬಿಟ್ಟು ಸರ್ಕಾರಿ ಶಾಲೆಗಳಿಗೆ ಮಕ್ಕಳನ್ನು ಸೇರಿಸಬೇಕು. ಕನ್ನಡ ಮಾಧ್ಯಮದ ಜೊತೆಗೆ ಆಂಗ್ಲ ಮಾಧ್ಯಮ ಶಿಕ್ಷಣವೂ ಲಭ್ಯವಿದೆ ಎಂದರು. ಇದೇ ಸಂದರ್ಭದಲ್ಲಿ ದಾನಿಗಳು ಶಾಲೆಗೆ ಕಲಿಕಾ ಸಾಮಗ್ರಿಗಳನ್ನು ವಿತರಿಸಿದರು. ಸರ್ಕಾರಿ ಶಾಲೆಯ 500ಕ್ಕೂ ಹೆಚ್ಚು ವಿದ್ಯಾರ್ಥಿಗಳು, ಎಸ್‌ಡಿಎಂಸಿ ಅಧ್ಯಕ್ಷರು, ಸದಸ್ಯರು, ಮುಖ್ಯ ಶಿಕ್ಷಕರು ಹಾಗೂ ಗ್ರಾಮದ ಮುಖಂಡರು ಭಾಗವಹಿಸಿದ್ದರು.
ಸರ್ಕಾರಿ ಶಾಲೆಗಳ ಬಲವರ್ಧನೆಗೆ ಪೋಷಕರು, ಸಮುದಾಯ ಹಾಗೂ ದಾನಿಗಳ ಸಹಕಾರ ಅಗತ್ಯ ಎಂದು ಕ್ಷೇತ್ರ ಶಿಕ್ಷಣಾಧಿಕಾರಿ ಹೇಳಿದರು. ತಾಲೂಕಿನ ಸರ್ಕಾರಿ ಶಾಲೆಯಲ್ಲಿ ನಡೆದ ಶಾಲಾ ಸಮುದಾಯದತ್ತ ಕಾರ್ಯಕ್ರಮದಲ್ಲಿ ಮಾತನಾಡಿದ ಅವರು, ಸರ್ಕಾರಿ ಶಾಲೆಗಳಲ್ಲಿ ಗುಣಮಟ್ಟದ ಶಿಕ್ಷಣ ನೀಡಲಾಗುತ್ತಿದೆ. ಮಕ್ಕಳಿಗೆ ಉಚಿತ ಪುಸ್ತಕ, ಸಮವಸ್ತ್ರ, ಬಿಸಿಯೂಟ ನೀಡಲಾಗುತ್ತಿದೆ. ಪೋಷಕರು ಖಾಸಗಿ ಶಾಲೆಗಳ ವ್ಯಾಮೋಹ ಬಿಟ್ಟು ಸರ್ಕಾರಿ ಶಾಲೆಗಳಿಗೆ ಮಕ್ಕಳನ್ನು ಸೇರಿಸಬೇಕು. ಕನ್ನಡ ಮಾಧ್ಯಮದ ಜೊತೆಗೆ ಆಂಗ್ಲ ಮಾಧ್ಯಮ ಶಿಕ್ಷಣವೂ ಲಭ್ಯವಿದೆ ಎಂದರು. ಇದೇ ಸಂದರ್ಭದಲ್ಲಿ ದಾನಿಗಳು ಶಾಲೆಗೆ ಕಲಿಕಾ ಸಾಮಗ್ರಿಗಳನ್ನು ವಿತರಿಸಿದರು. ಸರ್ಕಾರಿ ಶಾಲೆಯ 500ಕ್ಕೂ ಹೆಚ್ಚು ವಿದ್ಯಾರ್ಥಿಗಳು, ಎಸ್‌ಡಿಎಂಸಿ ಅಧ್ಯಕ್ಷರು, ಸದಸ್ಯರು, ಮುಖ್ಯ ಶಿಕ್ಷಕರು ಹಾಗೂ ಗ್ರಾಮದ ಮುಖಂಡರು ಭಾಗವಹಿಸಿದ್ದರು.
ಸರ್ಕಾರಿ ಶಾಲೆಗಳ ಬಲವರ್ಧನೆಗೆ ಪೋಷಕರು, ಸಮುದಾಯ ಹಾಗೂ ದಾನಿಗಳ ಸಹಕಾರ ಅಗತ್ಯ ಎಂದು ಕ್ಷೇತ್ರ ಶಿಕ್ಷಣಾಧಿಕಾರಿ ಹೇಳಿದರು. ತಾಲೂಕಿನ ಸರ್ಕಾರಿ ಶಾಲೆಯಲ್ಲಿ ನಡೆದ ಶಾಲಾ ಸಮುದಾಯದತ್ತ ಕಾರ್ಯಕ್ರಮದಲ್ಲಿ ಮಾತನಾಡಿದ ಅವರು, ಸರ್ಕಾರಿ ಶಾಲೆಗಳಲ್ಲಿ ಗುಣಮಟ್ಟದ ಶಿಕ್ಷಣ ನೀಡಲಾಗುತ್ತಿದೆ. ಮಕ್ಕಳಿಗೆ ಉಚಿತ ಪುಸ್ತಕ, ಸಮವಸ್ತ್ರ, ಬಿಸಿಯೂಟ ನೀಡಲಾಗುತ್ತಿದೆ. ಪೋಷಕರು ಖಾಸಗಿ ಶಾಲೆಗಳ ವ್ಯಾಮೋಹ ಬಿಟ್ಟು ಸರ್ಕಾರಿ ಶಾಲೆಗಳಿಗೆ ಮಕ್ಕಳನ್ನು ಸೇರಿಸಬೇಕು. ಕನ್ನಡ ಮಾಧ್ಯಮದ ಜೊತೆಗೆ ಆಂಗ್ಲ ಮಾಧ್ಯಮ ಶಿಕ್ಷಣವೂ ಲಭ್ಯವಿದೆ ಎಂದರು. ಇದೇ ಸಂದರ್ಭದಲ್ಲಿ ದಾನಿಗಳು ಶಾಲೆಗೆ ಕಲಿಕಾ ಸಾಮಗ್ರಿಗಳನ್ನು ವಿತರಿಸಿದರು. ಸರ್ಕಾರಿ ಶಾಲೆಯ 500ಕ್ಕೂ ಹೆಚ್ಚು ವಿದ್ಯಾರ್ಥಿಗಳು, ಎಸ್‌ಡಿಎಂಸಿ ಅಧ್ಯಕ್ಷರು, ಸದಸ್ಯರು, ಮುಖ್ಯ ಶಿಕ್ಷಕರು ಹಾಗೂ ಗ್ರಾಮದ ಮುಖಂಡರು ಭಾಗವಹಿಸಿದ್ದರು.
ಕಾಂಗ್ರೆಸ್ ಕಾರ್ಯಕರ್ತರ ಆಗ್ರಹ । ಶಾಸಕ ದರ್ಶನ್ ಪುಟ್ಟಣ್ಣಯ್ಯ ವಿರುದ್ಧ ಅಸಮಾಧಾನ
ಕ್ಷೇತ್ರಕ್ಕೆ ಸಮರ್ಥ ನಾಯಕನ ಘೋಷಣೆ ಮಾಡಿ
ಪಾಂಡವಪುರ: ಮೇಲುಕೋಟೆ ವಿಧಾನಸಭಾ ಕ್ಷೇತ್ರದಲ್ಲಿ ಕಾಂಗ್ರೆಸ್ ಪಕ್ಷ ಬಲ್ಲವನಾಗಿದ್ದು, ಕ್ಷೇತ್ರಕ್ಕೆ ಸಮರ್ಥ ನಾಯಕನನ್ನು ಘೋಷಣೆ ಮಾಡಬೇಕು ಎಂದು ಕಾಂಗ್ರೆಸ್ ಕಾರ್ಯಕರ್ತರು ಆಗ್ರಹಿಸಿದರು. ಪಟ್ಟಣದಲ್ಲಿ ಸುದ್ದಿಗೋಷ್ಠಿಯಲ್ಲಿ ಮಾತನಾಡಿದ ಕಾರ್ಯಕರ್ತರು, ಶಾಸಕ ದರ್ಶನ್ ಪುಟ್ಟಣ್ಣಯ್ಯ ಅವರು ಕಾಂಗ್ರೆಸ್ ಬೆಂಬಲದೊಂದಿಗೆ ಗೆದ್ದಿದ್ದರೂ ಪಕ್ಷದ ಕಾರ್ಯಕರ್ತರನ್ನು ಕಡೆಗಣಿಸುತ್ತಿದ್ದಾರೆ. ಕಳೆದ ಚುನಾವಣೆಯಲ್ಲಿ ಕಾಂಗ್ರೆಸ್ ಅಭ್ಯರ್ಥಿ ಹಾಕದೆ ಸರ್ವೋದಯ ಕರ್ನಾಟಕ ಪಕ್ಷಕ್ಕೆ ಬೆಂಬಲ ನೀಡಲಾಗಿತ್ತು. ಆದರೆ ಅಭಿವೃದ್ಧಿ ಕಾರ್ಯಗಳಲ್ಲಿ ಕಾರ್ಯಕರ್ತರಿಗೆ ಯಾವುದೇ ಸ್ಥಾನಮಾನ ನೀಡುತ್ತಿಲ್ಲ. ಮುಂಬರುವ ಚುನಾವಣೆಯಲ್ಲಿ ಕಾಂಗ್ರೆಸ್ ಪಕ್ಷದಿಂದಲೇ ಅಭ್ಯರ್ಥಿ ಕಣಕ್ಕಿಳಿಸಬೇಕು. ಈ ಬಗ್ಗೆ ಪಕ್ಷದ ವರಿಷ್ಠರು ಹಾಗೂ ಜಿಲ್ಲಾ ಉಸ್ತುವಾರಿ ಸಚಿವರು ಶೀಘ್ರ ನಿರ್ಧಾರ ಕೈಗೊಳ್ಳಬೇಕು ಎಂದು ಒತ್ತಾಯಿಸಿದರು. ಕ್ಷೇತ್ರದಲ್ಲಿ ಸಾವಿರಾರು ನಿಷ್ಠಾವಂತ ಕಾರ್ಯಕರ್ತರು ಇದ್ದು ಅವರ ಭಾವನೆಗಳಿಗೆ ಬೆಲೆ ನೀಡಬೇಕು. ಸುದ್ದಿಗೋಷ್ಠಿಯಲ್ಲಿ ಬ್ಲಾಕ್ ಕಾಂಗ್ರೆಸ್ ಅಧ್ಯಕ್ಷರು, ಪುರಸಭೆ ಸದಸ್ಯರು, ತಾಲೂಕು ಮುಖಂಡರು ಹಾಗೂ ಕಾರ್ಯಕರ್ತರು ಉಪಸ್ಥಿತರಿದ್ದರು.
ಕಾಂಗ್ರೆಸ್ ಸಮಿತಿ
ಕಾಂಗ್ರೆಸ್ ಮತ್ತೆ ಅಧಿಕಾರಕ್ಕೆ
ಮುಂಬರುವ 2028ರ ಚುನಾವಣೆಯಲ್ಲಿಯೂ ಕಾಂಗ್ರೆಸ್ ಪಕ್ಷ ಅಧಿಕಾರಕ್ಕೆ ಬರಲಿದೆ. ಮೇಲುಕೋಟೆ ಕ್ಷೇತ್ರಕ್ಕೆ ಸಮರ್ಥ ನಾಯಕರು ಬೇಕು. ಪಕ್ಷದ ಕಾರ್ಯಕರ್ತರ ಬೇಡಿಕೆಯನ್ನು ವರಿಷ್ಠರು ಗಮನಿಸಿ ಸೂಕ್ತ ಕ್ರಮ ಕೈಗೊಳ್ಳಬೇಕು. ಕ್ಷೇತ್ರದ ಜನತೆ ಕಾಂಗ್ರೆಸ್ ಪಕ್ಷದ ಮೇಲೆ ವಿಶ್ವಾಸ ಇಟ್ಟಿದ್ದಾರೆ. ಪಕ್ಷ ಸಂಘಟನೆಗೆ ಎಲ್ಲರೂ ಒಗ್ಗಟ್ಟಾಗಿ ಶ್ರಮಿಸಬೇಕು ಎಂದು ಮುಖಂಡರು ತಿಳಿಸಿದರು.
ಮೇಲುಕೋಟೆ ವಿಧಾನಸಭಾ ಕ್ಷೇತ್ರದಲ್ಲಿ ಕಾಂಗ್ರೆಸ್ ಪಕ್ಷ ಬಲ್ಲವನಾಗಿದ್ದು, ಕ್ಷೇತ್ರಕ್ಕೆ ಸಮರ್ಥ ನಾಯಕನನ್ನು ಘೋಷಣೆ ಮಾಡಬೇಕು ಎಂದು ಕಾಂಗ್ರೆಸ್ ಕಾರ್ಯಕರ್ತರು ಆಗ್ರಹಿಸಿದರು. ಪಟ್ಟಣದಲ್ಲಿ ಸುದ್ದಿಗೋಷ್ಠಿಯಲ್ಲಿ ಮಾತನಾಡಿದ ಕಾರ್ಯಕರ್ತರು, ಶಾಸಕ ದರ್ಶನ್ ಪುಟ್ಟಣ್ಣಯ್ಯ ಅವರು ಕಾಂಗ್ರೆಸ್ ಬೆಂಬಲದೊಂದಿಗೆ ಗೆದ್ದಿದ್ದರೂ ಪಕ್ಷದ ಕಾರ್ಯಕರ್ತರನ್ನು ಕಡೆಗಣಿಸುತ್ತಿದ್ದಾರೆ. ಕಳೆದ ಚುನಾವಣೆಯಲ್ಲಿ ಕಾಂಗ್ರೆಸ್ ಅಭ್ಯರ್ಥಿ ಹಾಕದೆ ಸರ್ವೋದಯ ಕರ್ನಾಟಕ ಪಕ್ಷಕ್ಕೆ ಬೆಂಬಲ ನೀಡಲಾಗಿತ್ತು. ಆದರೆ ಅಭಿವೃದ್ಧಿ ಕಾರ್ಯಗಳಲ್ಲಿ ಕಾರ್ಯಕರ್ತರಿಗೆ ಯಾವುದೇ ಸ್ಥಾನಮಾನ ನೀಡುತ್ತಿಲ್ಲ. ಮುಂಬರುವ ಚುನಾವಣೆಯಲ್ಲಿ ಕಾಂಗ್ರೆಸ್ ಪಕ್ಷದಿಂದಲೇ ಅಭ್ಯರ್ಥಿ ಕಣಕ್ಕಿಳಿಸಬೇಕು. ಈ ಬಗ್ಗೆ ಪಕ್ಷದ ವರಿಷ್ಠರು ಹಾಗೂ ಜಿಲ್ಲಾ ಉಸ್ತುವಾರಿ ಸಚಿವರು ಶೀಘ್ರ ನಿರ್ಧಾರ ಕೈಗೊಳ್ಳಬೇಕು ಎಂದು ಒತ್ತಾಯಿಸಿದರು. ಕ್ಷೇತ್ರದಲ್ಲಿ ಸಾವಿರಾರು ನಿಷ್ಠಾವಂತ ಕಾರ್ಯಕರ್ತರು ಇದ್ದು ಅವರ ಭಾವನೆಗಳಿಗೆ ಬೆಲೆ ನೀಡಬೇಕು. ಸುದ್ದಿಗೋಷ್ಠಿಯಲ್ಲಿ ಬ್ಲಾಕ್ ಕಾಂಗ್ರೆಸ್ ಅಧ್ಯಕ್ಷರು, ಪುರಸಭೆ ಸದಸ್ಯರು, ತಾಲೂಕು ಮುಖಂಡರು ಹಾಗೂ ಕಾರ್ಯಕರ್ತರು ಉಪಸ್ಥಿತರಿದ್ದರು.
ನ.19ರವರೆಗೆ ನಡೆಯುತ್ತಿರುವ ಕಾರ್ಯಕ್ರಮ । ಜನರ ಸಹಕಾರಕ್ಕೆ ಮನವಿ
ಕುಷ್ಠರೋಗ ಅರಿವು ಜಾಗೃತಿ ಜಾಥಾ
ಶ್ರೀರಂಗಪಟ್ಟಣ: ಇಲ್ಲಿನ ಸರ್ಕಾರಿ ಸಾರ್ವಜನಿಕ ಆಸ್ಪತ್ರೆ ವತಿಯಿಂದ ಕುಷ್ಠರೋಗ ಪತ್ತೆ ಹಚ್ಚುವಿಕೆ ಆಂದೋಲನದ ಅಂಗವಾಗಿ ಜಾಗೃತಿ ಜಾಥಾ ಕಾರ್ಯಕ್ರಮ ನಡೆಯಿತು. ಪಟ್ಟಣದ ಪ್ರಮುಖ ಬೀದಿಗಳಲ್ಲಿ ಸಂಚರಿಸಿದ ಜಾಥಾ ಸಾರ್ವಜನಿಕರಲ್ಲಿ ಅರಿವು ಮೂಡಿಸಿತು. ಕಾರ್ಯಕ್ರಮದಲ್ಲಿ ಮಾತನಾಡಿದ ತಾಲೂಕು ಆರೋಗ್ಯಾಧಿಕಾರಿ, ಕುಷ್ಠರೋಗ ಸಂಪೂರ್ಣ ಗುಣಪಡಿಸಬಹುದಾದ ಕಾಯಿಲೆ. ಆರಂಭಿಕ ಹಂತದಲ್ಲಿಯೇ ಪತ್ತೆ ಹಚ್ಚಿ ಚಿಕಿತ್ಸೆ ಪಡೆದರೆ ಅಂಗವೈಕಲ್ಯ ತಡೆಯಬಹುದು. ಚರ್ಮದ ಮೇಲೆ ತಿಳಿ ಬಿಳಿ ಅಥವಾ ತಾಮ್ರ ಬಣ್ಣದ ಸ್ಪರ್ಶ ಜ್ಞಾನವಿಲ್ಲದ ಮಚ್ಚೆಗಳು ಕಂಡುಬಂದರೆ ಕೂಡಲೇ ವೈದ್ಯರನ್ನು ಸಂಪರ್ಕಿಸಬೇಕು. ನವೆಂಬರ್ 3 ರಿಂದ ನ.19ರ ವರೆಗೆ ಆಶಾ ಕಾರ್ಯಕರ್ತೆಯರು ಹಾಗೂ ಆರೋಗ್ಯ ಸಿಬ್ಬಂದಿ ಮನೆ ಮನೆಗೆ ಭೇಟಿ ನೀಡಿ ಸಮೀಕ್ಷೆ ನಡೆಸಲಿದ್ದಾರೆ. ಸಾರ್ವಜನಿಕರು ಸಹಕಾರ ನೀಡಬೇಕು ಎಂದು ಮನವಿ ಮಾಡಿದರು. ಜಾಥಾದಲ್ಲಿ ನರ್ಸಿಂಗ್ ವಿದ್ಯಾರ್ಥಿಗಳು, ಆರೋಗ್ಯ ಸಿಬ್ಬಂದಿ, ಆಶಾ ಕಾರ್ಯಕರ್ತೆಯರು ಪಾಲ್ಗೊಂಡಿದ್ದರು. ಕುಷ್ಠರೋಗ ನಿರ್ಮೂಲನೆಗೆ ಸರ್ಕಾರ ಉಚಿತ ಚಿಕಿತ್ಸೆ ನೀಡುತ್ತಿದ್ದು ಜನರು ಇದರ ಸದುಪಯೋಗ ಪಡೆದುಕೊಳ್ಳಬೇಕು ಎಂದು ತಿಳಿಸಿದರು. ಇದೇ ವೇಳೆ ಆರೋಗ್ಯ ಇಲಾಖೆಯ ವಿವಿಧ ಅಧಿಕಾರಿಗಳು, ವೈದ್ಯರು ಹಾಗೂ ಸಿಬ್ಬಂದಿ ಭಾಗವಹಿಸಿದ್ದರು.
ಇಲ್ಲಿನ ಸರ್ಕಾರಿ ಸಾರ್ವಜನಿಕ ಆಸ್ಪತ್ರೆ ವತಿಯಿಂದ ಕುಷ್ಠರೋಗ ಪತ್ತೆ ಹಚ್ಚುವಿಕೆ ಆಂದೋಲನದ ಅಂಗವಾಗಿ ಜಾಗೃತಿ ಜಾಥಾ ಕಾರ್ಯಕ್ರಮ ನಡೆಯಿತು. ಪಟ್ಟಣದ ಪ್ರಮುಖ ಬೀದಿಗಳಲ್ಲಿ ಸಂಚರಿಸಿದ ಜಾಥಾ ಸಾರ್ವಜನಿಕರಲ್ಲಿ ಅರಿವು ಮೂಡಿಸಿತು. ಕಾರ್ಯಕ್ರಮದಲ್ಲಿ ಮಾತನಾಡಿದ ತಾಲೂಕು ಆರೋಗ್ಯಾಧಿಕಾರಿ, ಕುಷ್ಠರೋಗ ಸಂಪೂರ್ಣ ಗುಣಪಡಿಸಬಹುದಾದ ಕಾಯಿಲೆ. ಆರಂಭಿಕ ಹಂತದಲ್ಲಿಯೇ ಪತ್ತೆ ಹಚ್ಚಿ ಚಿಕಿತ್ಸೆ ಪಡೆದರೆ ಅಂಗವೈಕಲ್ಯ ತಡೆಯಬಹುದು. ಚರ್ಮದ ಮೇಲೆ ತಿಳಿ ಬಿಳಿ ಅಥವಾ ತಾಮ್ರ ಬಣ್ಣದ ಸ್ಪರ್ಶ ಜ್ಞಾನವಿಲ್ಲದ ಮಚ್ಚೆಗಳು ಕಂಡುಬಂದರೆ ಕೂಡಲೇ ವೈದ್ಯರನ್ನು ಸಂಪರ್ಕಿಸಬೇಕು. ನವೆಂಬರ್ 3 ರಿಂದ ನ.19ರ ವರೆಗೆ ಆಶಾ ಕಾರ್ಯಕರ್ತೆಯರು ಹಾಗೂ ಆರೋಗ್ಯ ಸಿಬ್ಬಂದಿ ಮನೆ ಮನೆಗೆ ಭೇಟಿ ನೀಡಿ ಸಮೀಕ್ಷೆ ನಡೆಸಲಿದ್ದಾರೆ. ಸಾರ್ವಜನಿಕರು ಸಹಕಾರ ನೀಡಬೇಕು ಎಂದು ಮನವಿ ಮಾಡಿದರು. ಜಾಥಾದಲ್ಲಿ ನರ್ಸಿಂಗ್ ವಿದ್ಯಾರ್ಥಿಗಳು, ಆರೋಗ್ಯ ಸಿಬ್ಬಂದಿ, ಆಶಾ ಕಾರ್ಯಕರ್ತೆಯರು ಪಾಲ್ಗೊಂಡಿದ್ದರು. ಕುಷ್ಠರೋಗ ನಿರ್ಮೂಲನೆಗೆ ಸರ್ಕಾರ ಉಚಿತ ಚಿಕಿತ್ಸೆ ನೀಡುತ್ತಿದ್ದು ಜನರು ಇದರ ಸದುಪಯೋಗ ಪಡೆದುಕೊಳ್ಳಬೇಕು ಎಂದು ತಿಳಿಸಿದರು. ಇದೇ ವೇಳೆ ಆರೋಗ್ಯ ಇಲಾಖೆಯ ವಿವಿಧ ಅಧಿಕಾರಿಗಳು, ವೈದ್ಯರು ಹಾಗೂ ಸಿಬ್ಬಂದಿ ಭಾಗವಹಿಸಿದ್ದರು.
